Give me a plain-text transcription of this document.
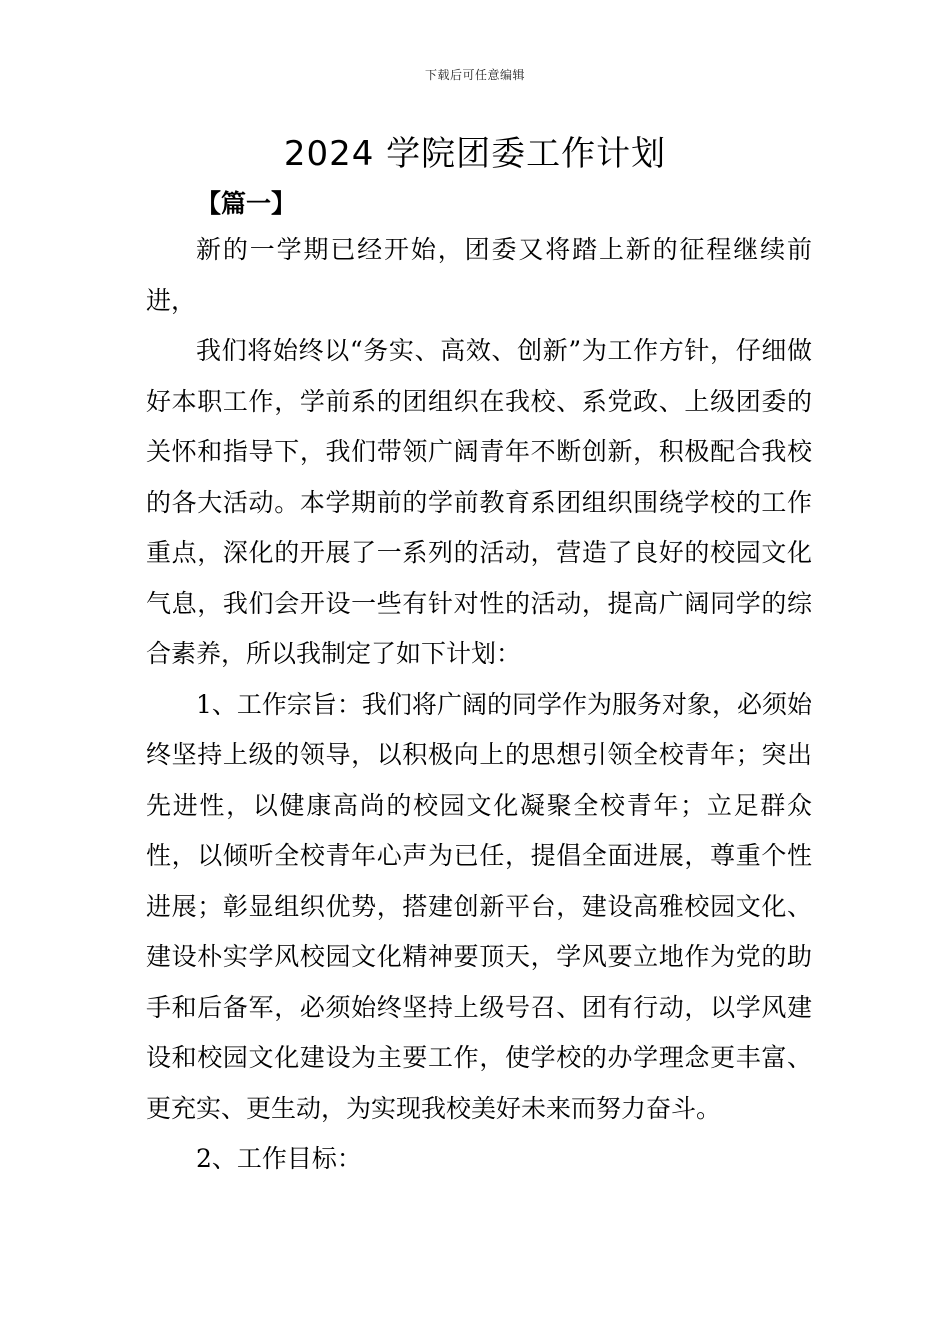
下载后可任意编辑
2024 学院团委工作计划
【篇一】

新的一学期已经开始，团委又将踏上新的征程继续前进，

我们将始终以“务实、高效、创新”为工作方针，仔细做好本职工作，学前系的团组织在我校、系党政、上级团委的关怀和指导下，我们带领广阔青年不断创新，积极配合我校的各大活动。本学期前的学前教育系团组织围绕学校的工作重点，深化的开展了一系列的活动，营造了良好的校园文化气息，我们会开设一些有针对性的活动，提高广阔同学的综合素养，所以我制定了如下计划：

1、工作宗旨：我们将广阔的同学作为服务对象，必须始终坚持上级的领导，以积极向上的思想引领全校青年；突出先进性，以健康高尚的校园文化凝聚全校青年；立足群众性，以倾听全校青年心声为已任，提倡全面进展，尊重个性进展；彰显组织优势，搭建创新平台，建设高雅校园文化、建设朴实学风校园文化精神要顶天，学风要立地作为党的助手和后备军，必须始终坚持上级号召、团有行动，以学风建设和校园文化建设为主要工作，使学校的办学理念更丰富、更充实、更生动，为实现我校美好未来而努力奋斗。

2、工作目标：
